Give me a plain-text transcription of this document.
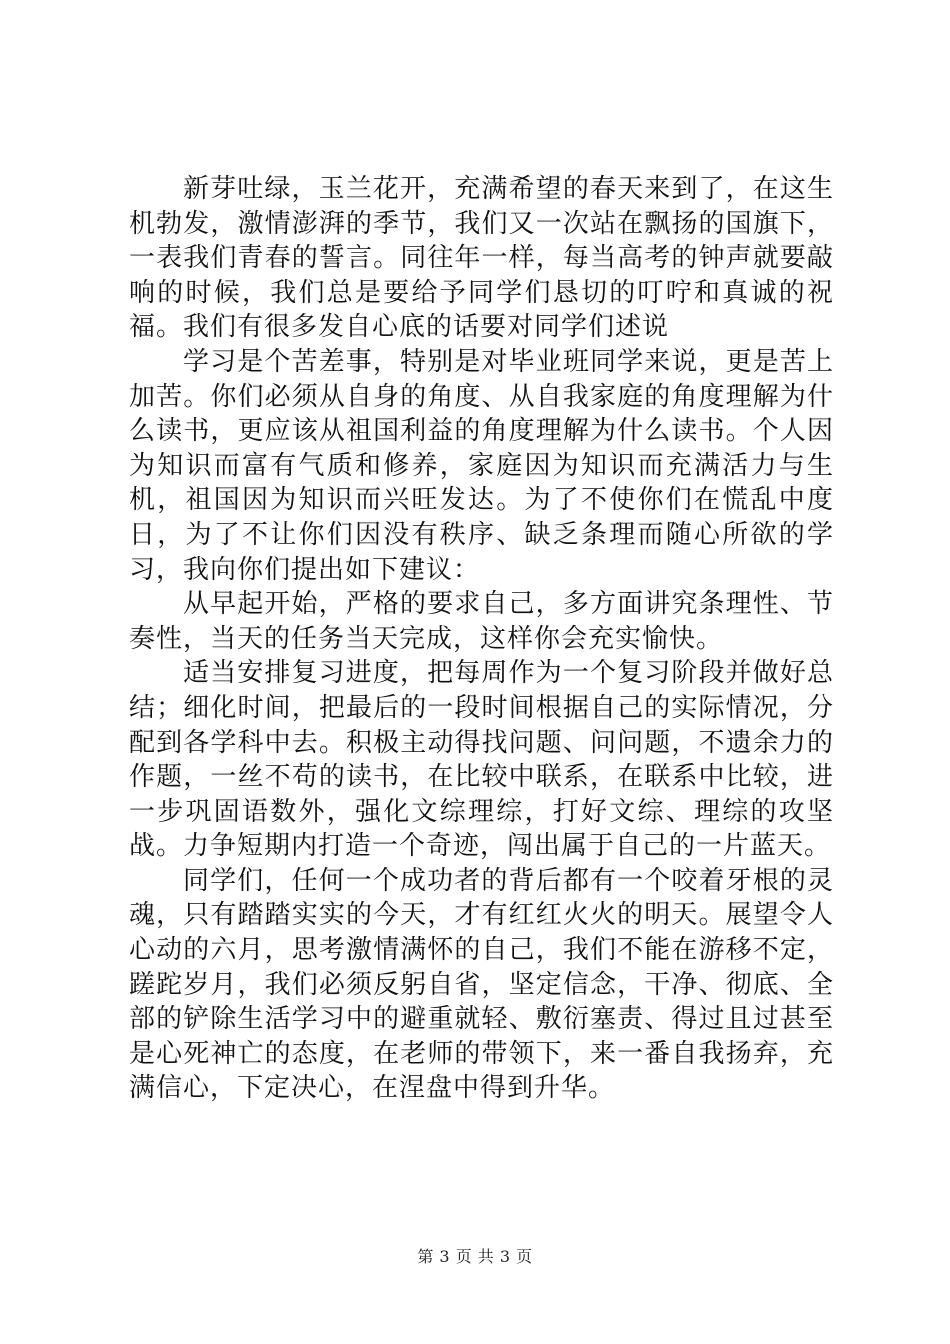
新芽吐绿，玉兰花开，充满希望的春天来到了，在这生机勃发，激情澎湃的季节，我们又一次站在飘扬的国旗下，一表我们青春的誓言。同往年一样，每当高考的钟声就要敲响的时候，我们总是要给予同学们恳切的叮咛和真诚的祝福。我们有很多发自心底的话要对同学们述说

学习是个苦差事，特别是对毕业班同学来说，更是苦上加苦。你们必须从自身的角度、从自我家庭的角度理解为什么读书，更应该从祖国利益的角度理解为什么读书。个人因为知识而富有气质和修养，家庭因为知识而充满活力与生机，祖国因为知识而兴旺发达。为了不使你们在慌乱中度日，为了不让你们因没有秩序、缺乏条理而随心所欲的学习，我向你们提出如下建议：

从早起开始，严格的要求自己，多方面讲究条理性、节奏性，当天的任务当天完成，这样你会充实愉快。

适当安排复习进度，把每周作为一个复习阶段并做好总结；细化时间，把最后的一段时间根据自己的实际情况，分配到各学科中去。积极主动得找问题、问问题，不遗余力的作题，一丝不苟的读书，在比较中联系，在联系中比较，进一步巩固语数外，强化文综理综，打好文综、理综的攻坚战。力争短期内打造一个奇迹，闯出属于自己的一片蓝天。

同学们，任何一个成功者的背后都有一个咬着牙根的灵魂，只有踏踏实实的今天，才有红红火火的明天。展望令人心动的六月，思考激情满怀的自己，我们不能在游移不定，蹉跎岁月，我们必须反躬自省，坚定信念，干净、彻底、全部的铲除生活学习中的避重就轻、敷衍塞责、得过且过甚至是心死神亡的态度，在老师的带领下，来一番自我扬弃，充满信心，下定决心，在涅盘中得到升华。

第 3 页 共 3 页
